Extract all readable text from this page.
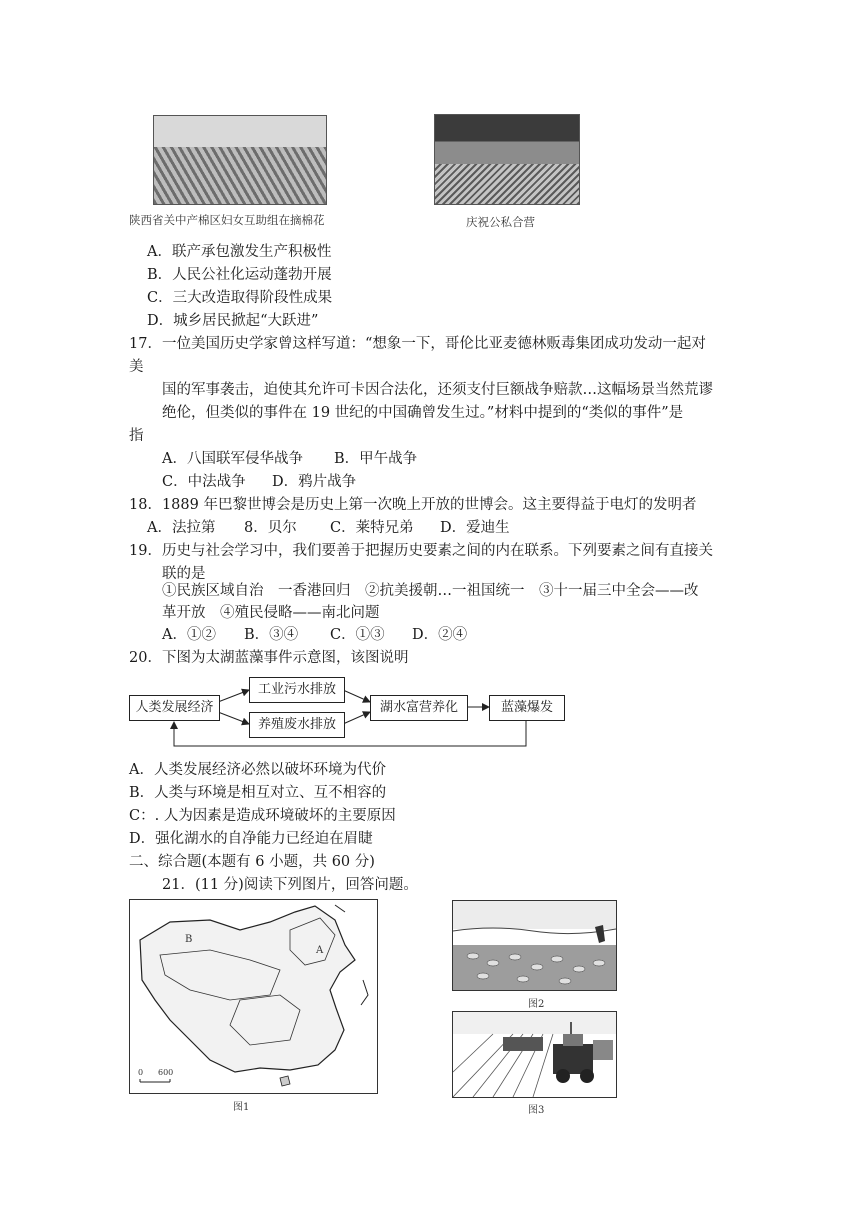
陕西省关中产棉区妇女互助组在摘棉花	庆祝公私合营
A．联产承包激发生产积极性
B．人民公社化运动蓬勃开展
C．三大改造取得阶段性成果
D．城乡居民掀起“大跃进”
17．一位美国历史学家曾这样写道：“想象一下，哥伦比亚麦德林贩毒集团成功发动一起对
美
国的军事袭击，迫使其允许可卡因合法化，还须支付巨额战争赔款…这幅场景当然荒谬
绝伦，但类似的事件在 19 世纪的中国确曾发生过。”材料中提到的“类似的事件”是
指
A．八国联军侵华战争 B．甲午战争
C．中法战争 D．鸦片战争
18．1889 年巴黎世博会是历史上第一次晚上开放的世博会。这主要得益于电灯的发明者
A．法拉第 8．贝尔 C．莱特兄弟 D．爱迪生
19．历史与社会学习中，我们要善于把握历史要素之间的内在联系。下列要素之间有直接关
联的是
①民族区域自治　一香港回归　②抗美援朝…一祖国统一　③十一届三中全会——改
革开放　④殖民侵略——南北问题
A．①② B．③④ C．①③ D．②④
20．下图为太湖蓝藻事件示意图，该图说明
人类发展经济
工业污水排放
养殖废水排放
湖水富营养化	蓝藻爆发
A．人类发展经济必然以破坏环境为代价
B．人类与环境是相互对立、互不相容的
C：. 人为因素是造成环境破坏的主要原因
D．强化湖水的自净能力已经迫在眉睫
二、综合题(本题有 6 小题，共 60 分)
21．(11 分)阅读下列图片，回答问题。
A
B
0 600
图1
图2
图3
